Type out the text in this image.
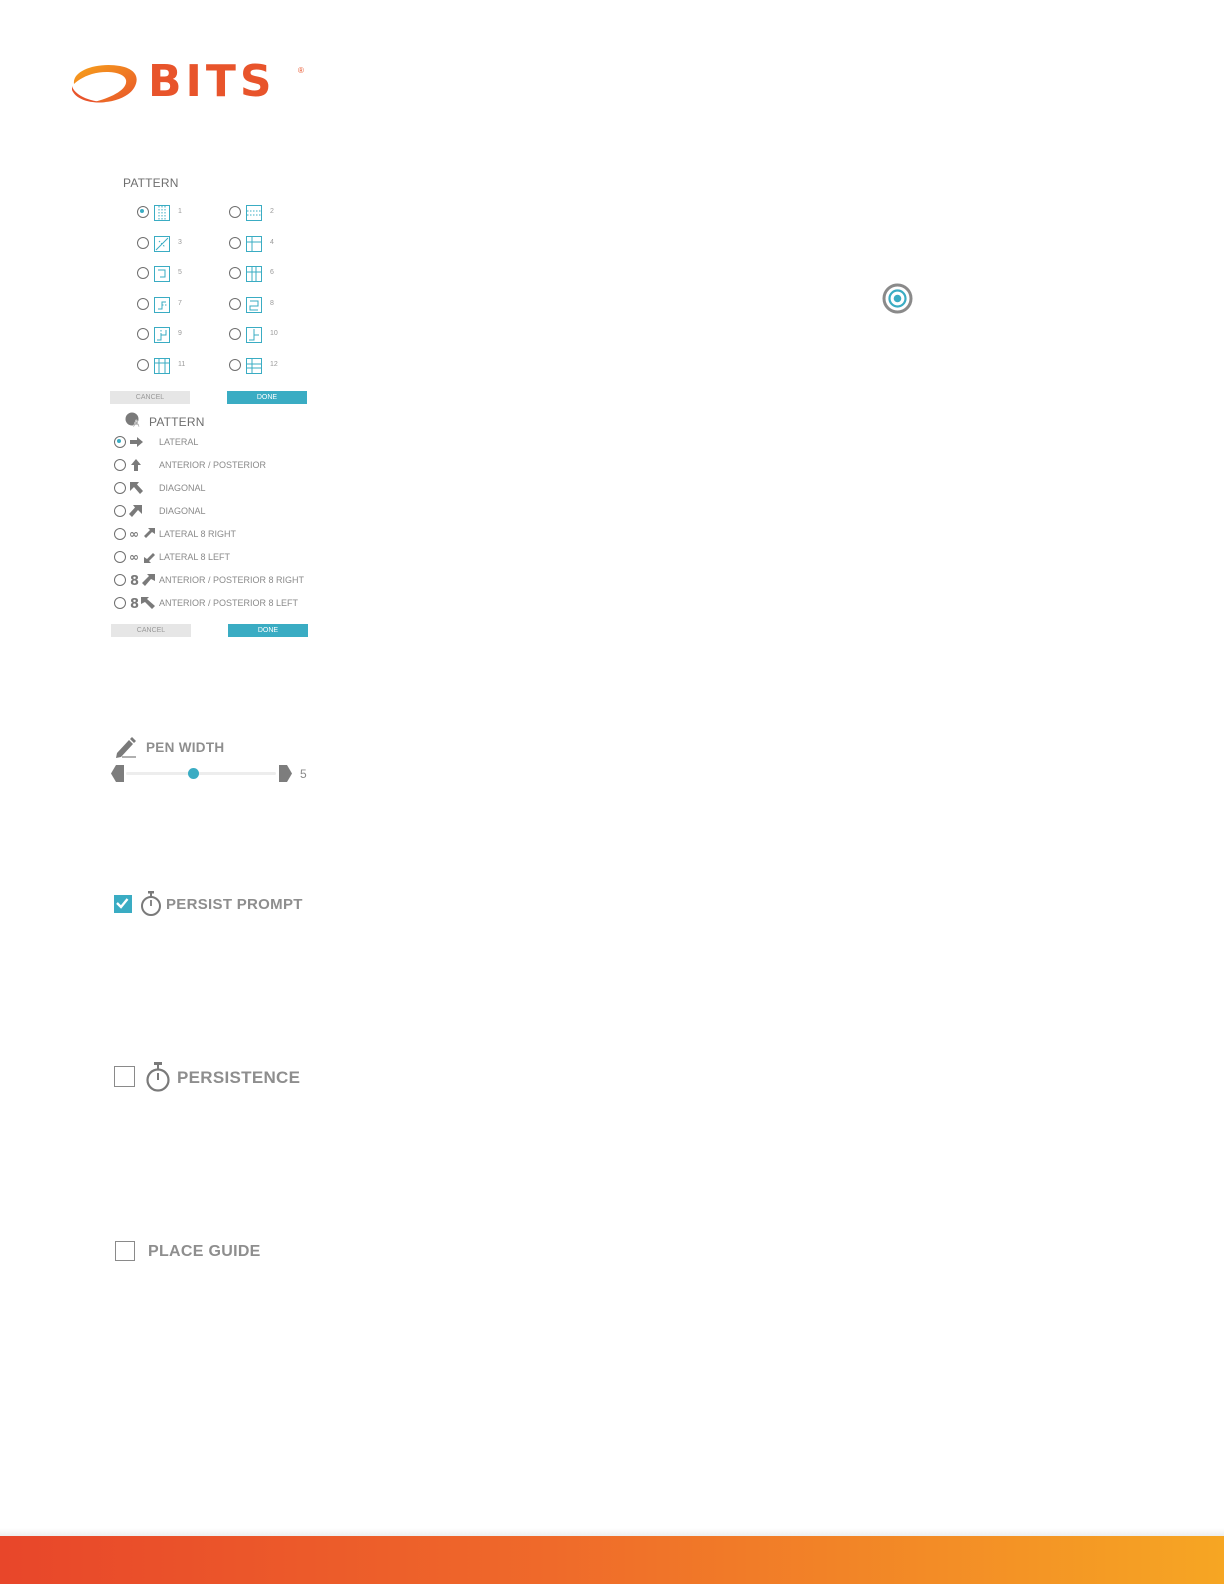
BITS	®
PATTERN
1	2
3	4
5	6
7	8
9	10
11	12
CANCEL	DONE
A PATTERN
LATERAL
ANTERIOR / POSTERIOR
DIAGONAL
DIAGONAL
∞ LATERAL 8 RIGHT
∞ LATERAL 8 LEFT
8 ANTERIOR / POSTERIOR 8 RIGHT
8 ANTERIOR / POSTERIOR 8 LEFT
CANCEL	DONE
PEN WIDTH
5
PERSIST PROMPT
PERSISTENCE
PLACE GUIDE
